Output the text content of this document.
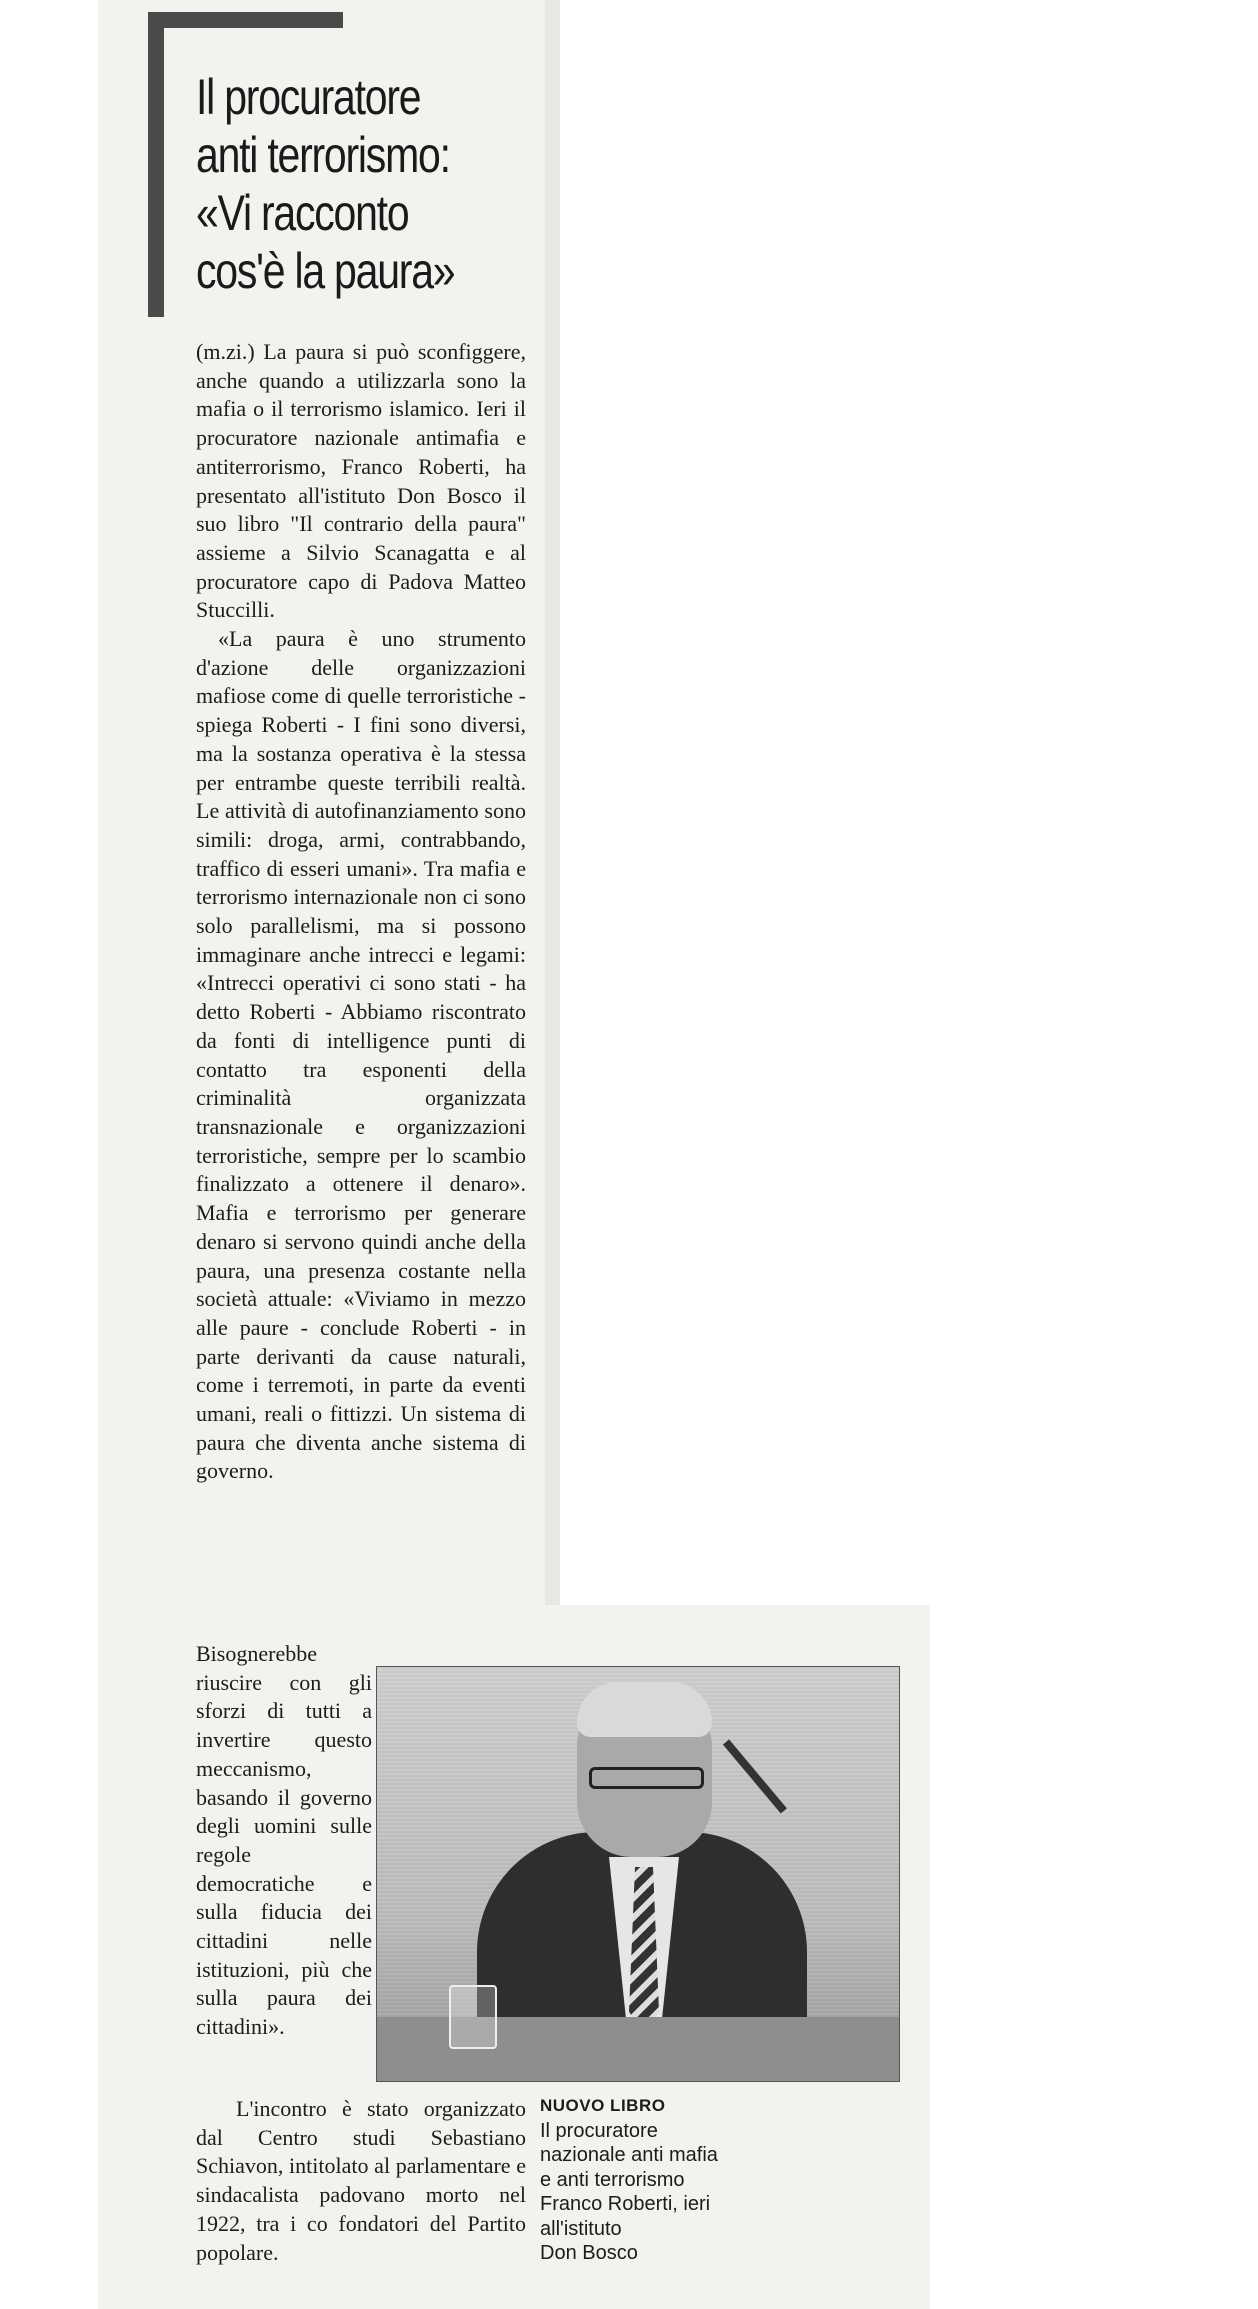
Il procuratore
anti terrorismo:
«Vi racconto
cos'è la paura»

(m.zi.) La paura si può sconfiggere, anche quando a utilizzarla sono la mafia o il terrorismo islamico. Ieri il procuratore nazionale antimafia e antiterrorismo, Franco Roberti, ha presentato all'istituto Don Bosco il suo libro "Il contrario della paura" assieme a Silvio Scanagatta e al procuratore capo di Padova Matteo Stuccilli.

«La paura è uno strumento d'azione delle organizzazioni mafiose come di quelle terroristiche - spiega Roberti - I fini sono diversi, ma la sostanza operativa è la stessa per entrambe queste terribili realtà. Le attività di autofinanziamento sono simili: droga, armi, contrabbando, traffico di esseri umani». Tra mafia e terrorismo internazionale non ci sono solo parallelismi, ma si possono immaginare anche intrecci e legami: «Intrecci operativi ci sono stati - ha detto Roberti - Abbiamo riscontrato da fonti di intelligence punti di contatto tra esponenti della criminalità organizzata transnazionale e organizzazioni terroristiche, sempre per lo scambio finalizzato a ottenere il denaro». Mafia e terrorismo per generare denaro si servono quindi anche della paura, una presenza costante nella società attuale: «Viviamo in mezzo alle paure - conclude Roberti - in parte derivanti da cause naturali, come i terremoti, in parte da eventi umani, reali o fittizzi. Un sistema di paura che diventa anche sistema di governo.

Bisognerebbe riuscire con gli sforzi di tutti a invertire questo meccanismo, basando il governo degli uomini sulle regole democratiche e sulla fiducia dei cittadini nelle istituzioni, più che sulla paura dei cittadini».

L'incontro è stato organizzato dal Centro studi Sebastiano Schiavon, intitolato al parlamentare e sindacalista padovano morto nel 1922, tra i co fondatori del Partito popolare.

NUOVO LIBRO
Il procuratore
nazionale anti mafia
e anti terrorismo
Franco Roberti, ieri
all'istituto
Don Bosco
